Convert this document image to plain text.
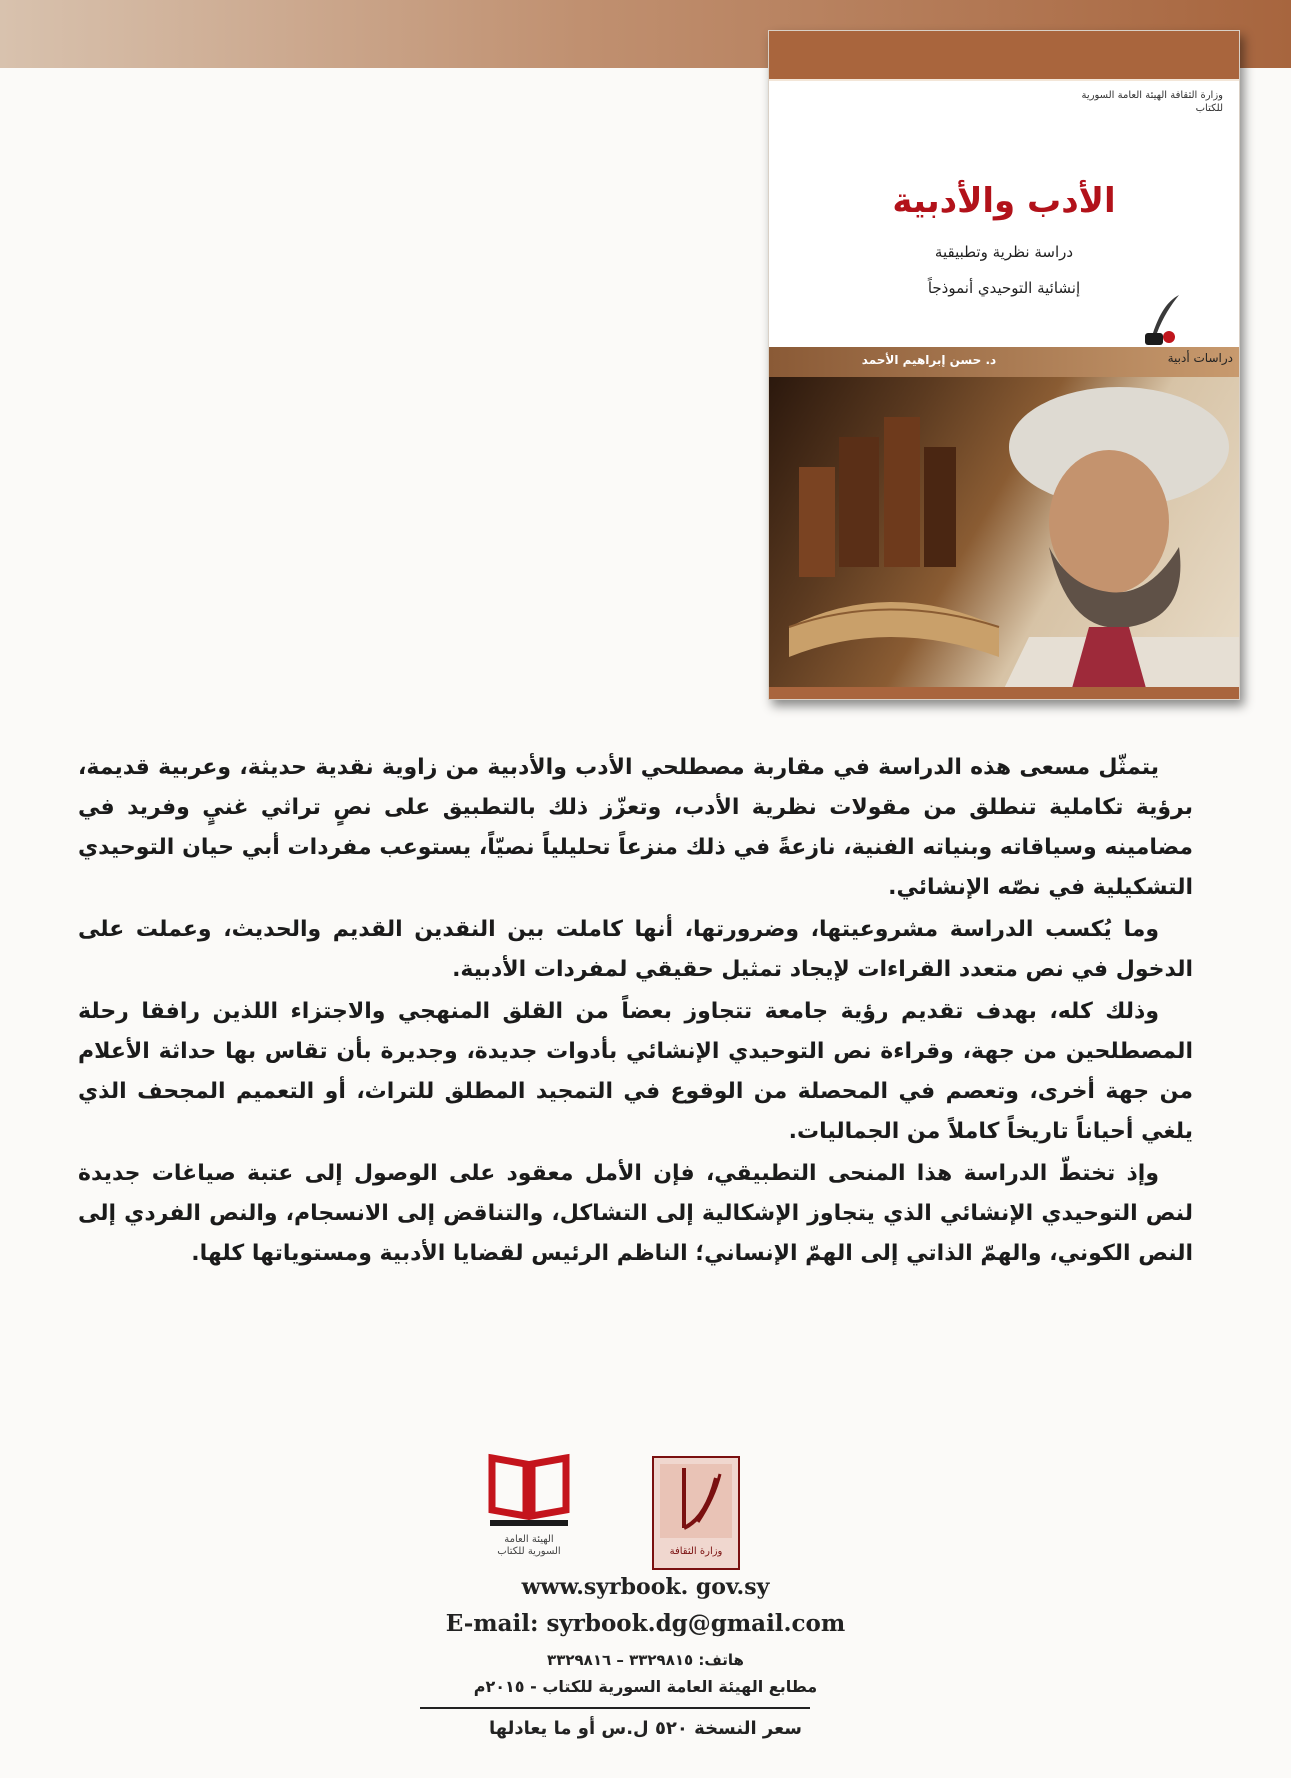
وزارة الثقافة الهيئة العامة السورية للكتاب
الأدب والأدبية
دراسة نظرية وتطبيقية
إنشائية التوحيدي أنموذجاً
دراسات أدبية
د. حسن إبراهيم الأحمد

يتمثّل مسعى هذه الدراسة في مقاربة مصطلحي الأدب والأدبية من زاوية نقدية حديثة، وعربية قديمة، برؤية تكاملية تنطلق من مقولات نظرية الأدب، وتعزّز ذلك بالتطبيق على نصٍ تراثي غنيٍ وفريد في مضامينه وسياقاته وبنياته الفنية، نازعةً في ذلك منزعاً تحليلياً نصيّاً، يستوعب مفردات أبي حيان التوحيدي التشكيلية في نصّه الإنشائي.

وما يُكسب الدراسة مشروعيتها، وضرورتها، أنها كاملت بين النقدين القديم والحديث، وعملت على الدخول في نص متعدد القراءات لإيجاد تمثيل حقيقي لمفردات الأدبية.

وذلك كله، بهدف تقديم رؤية جامعة تتجاوز بعضاً من القلق المنهجي والاجتزاء اللذين رافقا رحلة المصطلحين من جهة، وقراءة نص التوحيدي الإنشائي بأدوات جديدة، وجديرة بأن تقاس بها حداثة الأعلام من جهة أخرى، وتعصم في المحصلة من الوقوع في التمجيد المطلق للتراث، أو التعميم المجحف الذي يلغي أحياناً تاريخاً كاملاً من الجماليات.

وإذ تختطّ الدراسة هذا المنحى التطبيقي، فإن الأمل معقود على الوصول إلى عتبة صياغات جديدة لنص التوحيدي الإنشائي الذي يتجاوز الإشكالية إلى التشاكل، والتناقض إلى الانسجام، والنص الفردي إلى النص الكوني، والهمّ الذاتي إلى الهمّ الإنساني؛ الناظم الرئيس لقضايا الأدبية ومستوياتها كلها.

الهيئة العامة السورية للكتاب	وزارة الثقافة
www.syrbook. gov.sy
E-mail: syrbook.dg@gmail.com
هاتف: ٣٣٢٩٨١٥ – ٣٣٢٩٨١٦
مطابع الهيئة العامة السورية للكتاب - ٢٠١٥م
سعر النسخة ٥٢٠ ل.س أو ما يعادلها
